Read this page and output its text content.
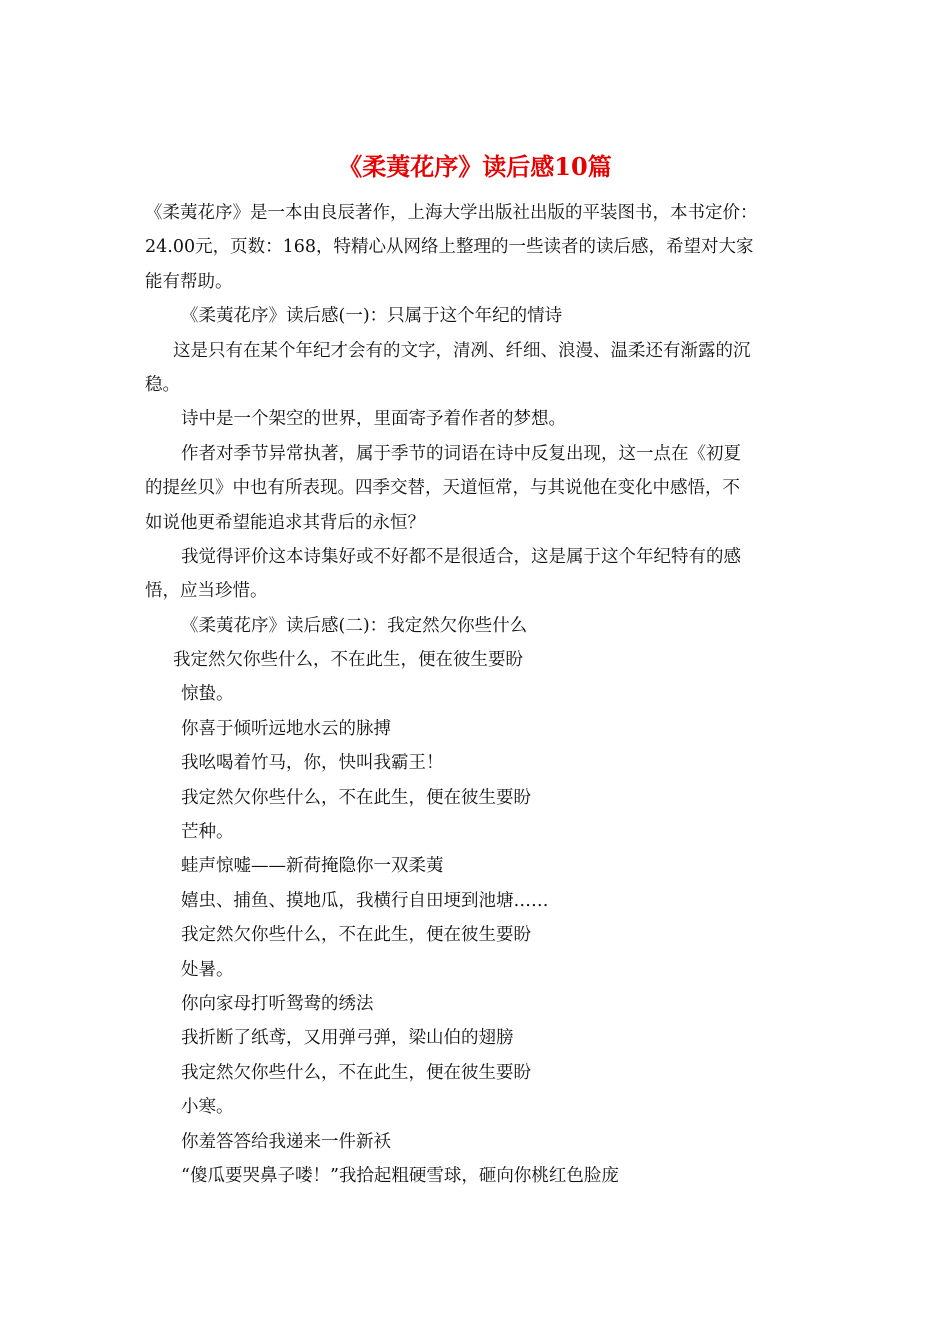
《柔荑花序》读后感10篇

《柔荑花序》是一本由良辰著作，上海大学出版社出版的平装图书，本书定价：

24.00元，页数：168，特精心从网络上整理的一些读者的读后感，希望对大家

能有帮助。

《柔荑花序》读后感(一)：只属于这个年纪的情诗

这是只有在某个年纪才会有的文字，清冽、纤细、浪漫、温柔还有渐露的沉

稳。

诗中是一个架空的世界，里面寄予着作者的梦想。

作者对季节异常执著，属于季节的词语在诗中反复出现，这一点在《初夏

的提丝贝》中也有所表现。四季交替，天道恒常，与其说他在变化中感悟，不

如说他更希望能追求其背后的永恒？

我觉得评价这本诗集好或不好都不是很适合，这是属于这个年纪特有的感

悟，应当珍惜。

《柔荑花序》读后感(二)：我定然欠你些什么

我定然欠你些什么，不在此生，便在彼生要盼

惊蛰。

你喜于倾听远地水云的脉搏

我吆喝着竹马，你，快叫我霸王！

我定然欠你些什么，不在此生，便在彼生要盼

芒种。

蛙声惊嘘——新荷掩隐你一双柔荑

嬉虫、捕鱼、摸地瓜，我横行自田埂到池塘……

我定然欠你些什么，不在此生，便在彼生要盼

处暑。

你向家母打听鸳鸯的绣法

我折断了纸鸢，又用弹弓弹，梁山伯的翅膀

我定然欠你些什么，不在此生，便在彼生要盼

小寒。

你羞答答给我递来一件新袄

“傻瓜要哭鼻子喽！”我拾起粗硬雪球，砸向你桃红色脸庞
